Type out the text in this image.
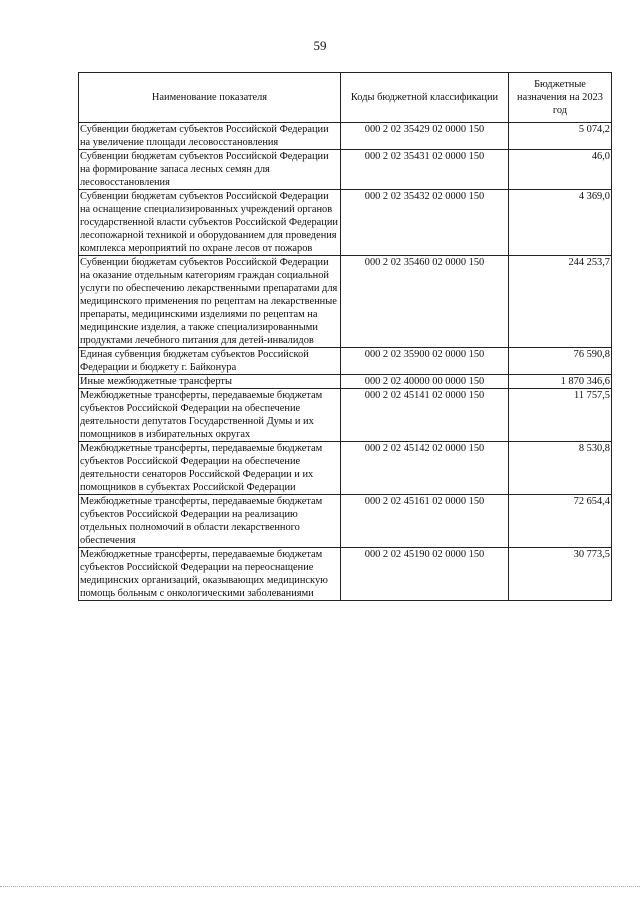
59
Наименование показателя	Коды бюджетной классификации	Бюджетные назначения на 2023 год
Субвенции бюджетам субъектов Российской Федерации на увеличение площади лесовосстановления	000 2 02 35429 02 0000 150	5 074,2
Субвенции бюджетам субъектов Российской Федерации на формирование запаса лесных семян для лесовосстановления	000 2 02 35431 02 0000 150	46,0
Субвенции бюджетам субъектов Российской Федерации на оснащение специализированных учреждений органов государственной власти субъектов Российской Федерации лесопожарной техникой и оборудованием для проведения комплекса мероприятий по охране лесов от пожаров	000 2 02 35432 02 0000 150	4 369,0
Субвенции бюджетам субъектов Российской Федерации на оказание отдельным категориям граждан социальной услуги по обеспечению лекарственными препаратами для медицинского применения по рецептам на лекарственные препараты, медицинскими изделиями по рецептам на медицинские изделия, а также специализированными продуктами лечебного питания для детей-инвалидов	000 2 02 35460 02 0000 150	244 253,7
Единая субвенция бюджетам субъектов Российской Федерации и бюджету г. Байконура	000 2 02 35900 02 0000 150	76 590,8
Иные межбюджетные трансферты	000 2 02 40000 00 0000 150	1 870 346,6
Межбюджетные трансферты, передаваемые бюджетам субъектов Российской Федерации на обеспечение деятельности депутатов Государственной Думы и их помощников в избирательных округах	000 2 02 45141 02 0000 150	11 757,5
Межбюджетные трансферты, передаваемые бюджетам субъектов Российской Федерации на обеспечение деятельности сенаторов Российской Федерации и их помощников в субъектах Российской Федерации	000 2 02 45142 02 0000 150	8 530,8
Межбюджетные трансферты, передаваемые бюджетам субъектов Российской Федерации на реализацию отдельных полномочий в области лекарственного обеспечения	000 2 02 45161 02 0000 150	72 654,4
Межбюджетные трансферты, передаваемые бюджетам субъектов Российской Федерации на переоснащение медицинских организаций, оказывающих медицинскую помощь больным с онкологическими заболеваниями	000 2 02 45190 02 0000 150	30 773,5
